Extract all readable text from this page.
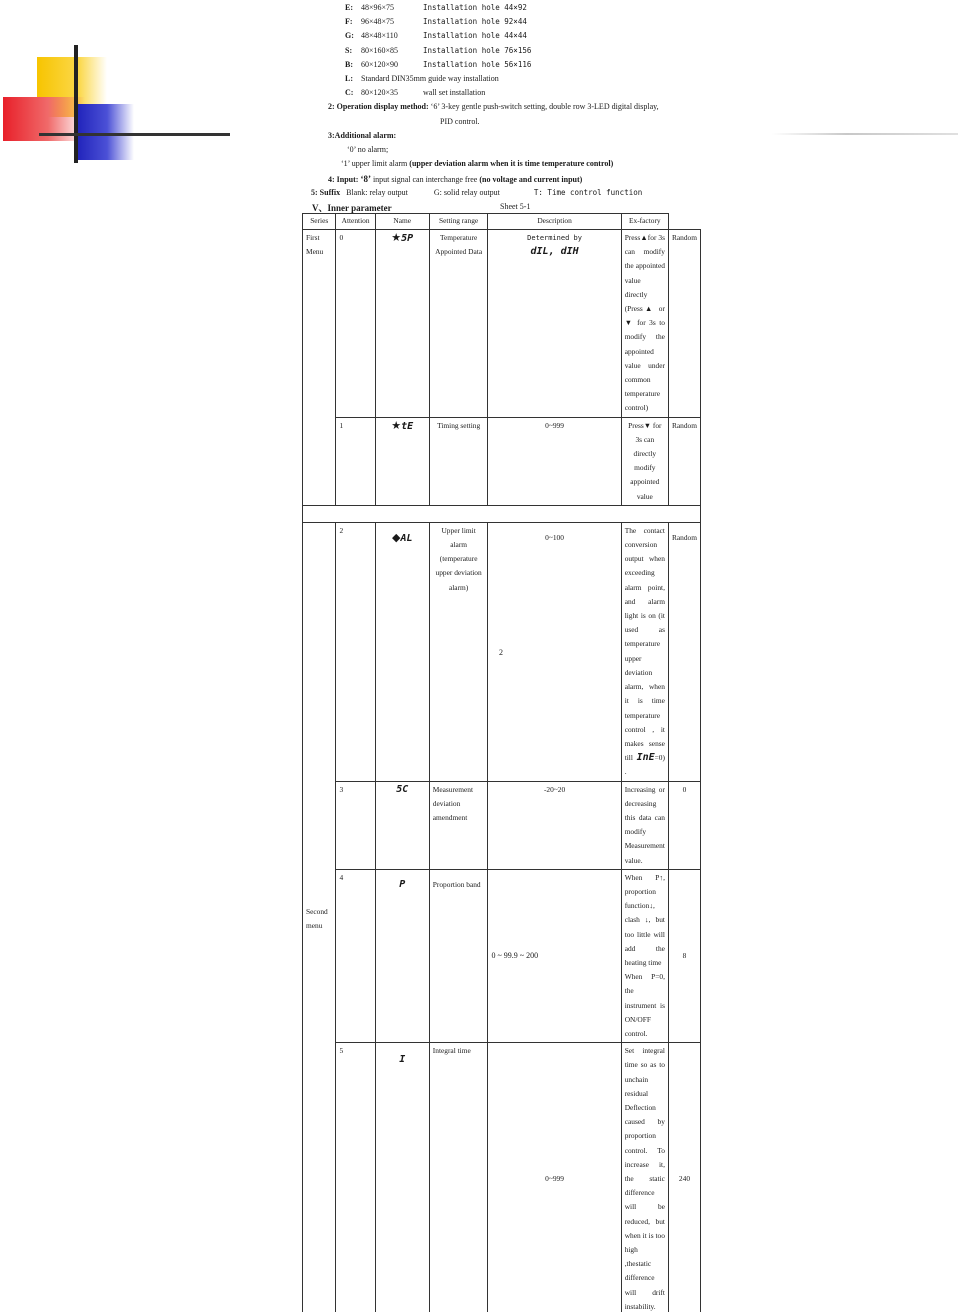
E: 48×96×75	Installation hole 44×92
F: 96×48×75	Installation hole 92×44
G: 48×48×110	Installation hole 44×44
S: 80×160×85	Installation hole 76×156
B: 60×120×90	Installation hole 56×116
L: Standard DIN35mm guide way installation
C: 80×120×35	wall set installation
2: Operation display method: ‘6’ 3-key gentle push-switch setting, double row 3-LED digital display,
PID control.
3:Additional alarm:
‘0’ no alarm;
‘1’ upper limit alarm (upper deviation alarm when it is time temperature control)
4: Input: ‘8’ input signal can interchange free (no voltage and current input)
5: Suffix Blank: relay output	G: solid relay output	T: Time control function
V、Inner parameter	Sheet 5-1
Series	Attention	Name	Setting range	Description	Ex-factory	
First Menu	0	★5P	Temperature Appointed Data	Determined by
dIL, dIH	Press▲for 3s can modify the appointed value directly (Press▲ or ▼ for 3s to modify the appointed value under common temperature control)	Random
	1	★tE	Timing setting	0~999	Press▼ for 3s can directly modify appointed value	Random

Second menu	2	◆AL	Upper limit alarm (temperature upper deviation alarm)	0~100	The contact conversion output when exceeding alarm point, and alarm light is on (it used as temperature upper deviation alarm, when it is time temperature control , it makes sense till InE=0) .	Random
	3	5C	Measurement deviation amendment	-20~20	Increasing or decreasing this data can modify Measurement value.	0
	4	P	Proportion band	0 ~ 99.9 ~ 200	When P↑, proportion function↓, clash ↓, but too little will add the heating time
When P=0, the instrument is ON/OFF control.	8
	5	I	Integral time	0~999	Set integral time so as to unchain residual Deflection caused by proportion control. To increase it, the static difference will be reduced, but when it is too high ,thestatic difference will drift instability.	240
2
